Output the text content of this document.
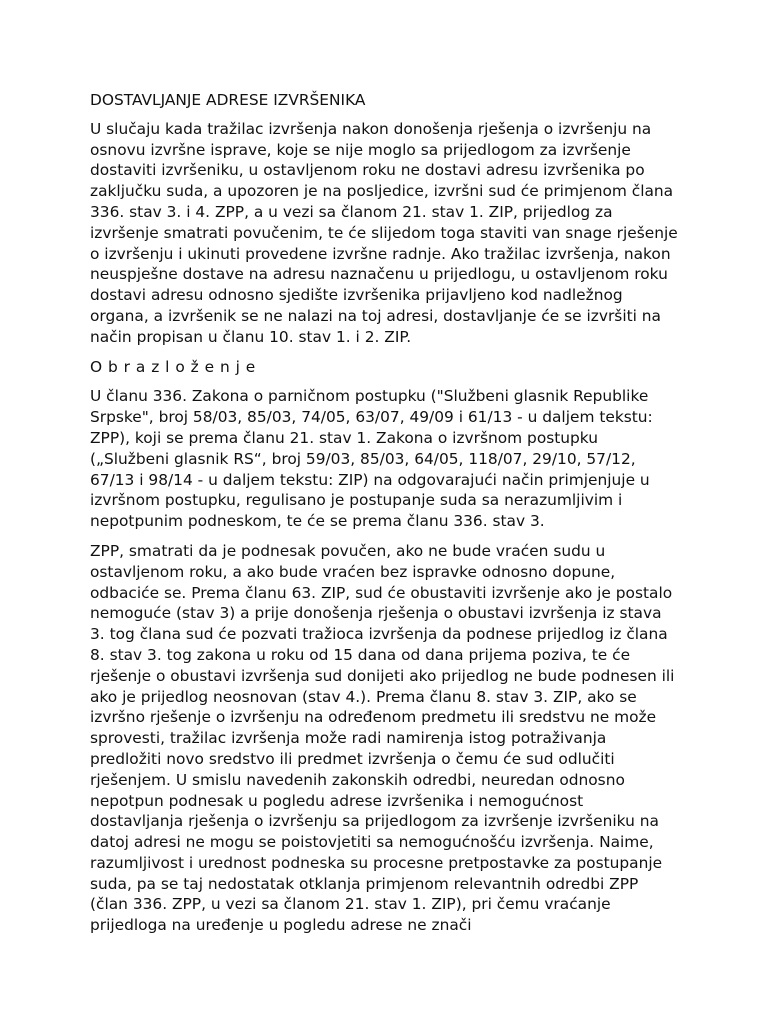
DOSTAVLJANJE ADRESE IZVRŠENIKA

U slučaju kada tražilac izvršenja nakon donošenja rješenja o izvršenju na osnovu izvršne isprave, koje se nije moglo sa prijedlogom za izvršenje dostaviti izvršeniku, u ostavljenom roku ne dostavi adresu izvršenika po zaključku suda, a upozoren je na posljedice, izvršni sud će primjenom člana 336. stav 3. i 4. ZPP, a u vezi sa članom 21. stav 1. ZIP, prijedlog za izvršenje smatrati povučenim, te će slijedom toga staviti van snage rješenje o izvršenju i ukinuti provedene izvršne radnje. Ako tražilac izvršenja, nakon neuspješne dostave na adresu naznačenu u prijedlogu, u ostavljenom roku dostavi adresu odnosno sjedište izvršenika prijavljeno kod nadležnog organa, a izvršenik se ne nalazi na toj adresi, dostavljanje će se izvršiti na način propisan u članu 10. stav 1. i 2. ZIP.

O b r a z l o ž e n j e

U članu 336. Zakona o parničnom postupku ("Službeni glasnik Republike Srpske", broj 58/03, 85/03, 74/05, 63/07, 49/09 i 61/13 - u daljem tekstu: ZPP), koji se prema članu 21. stav 1. Zakona o izvršnom postupku („Službeni glasnik RS“, broj 59/03, 85/03, 64/05, 118/07, 29/10, 57/12, 67/13 i 98/14 - u daljem tekstu: ZIP) na odgovarajući način primjenjuje u izvršnom postupku, regulisano je postupanje suda sa nerazumljivim i nepotpunim podneskom, te će se prema članu 336. stav 3.

ZPP, smatrati da je podnesak povučen, ako ne bude vraćen sudu u ostavljenom roku, a ako bude vraćen bez ispravke odnosno dopune, odbaciće se. Prema članu 63. ZIP, sud će obustaviti izvršenje ako je postalo nemoguće (stav 3) a prije donošenja rješenja o obustavi izvršenja iz stava 3. tog člana sud će pozvati tražioca izvršenja da podnese prijedlog iz člana 8. stav 3. tog zakona u roku od 15 dana od dana prijema poziva, te će rješenje o obustavi izvršenja sud donijeti ako prijedlog ne bude podnesen ili ako je prijedlog neosnovan (stav 4.). Prema članu 8. stav 3. ZIP, ako se izvršno rješenje o izvršenju na određenom predmetu ili sredstvu ne može sprovesti, tražilac izvršenja može radi namirenja istog potraživanja predložiti novo sredstvo ili predmet izvršenja o čemu će sud odlučiti rješenjem. U smislu navedenih zakonskih odredbi, neuredan odnosno nepotpun podnesak u pogledu adrese izvršenika i nemogućnost dostavljanja rješenja o izvršenju sa prijedlogom za izvršenje izvršeniku na datoj adresi ne mogu se poistovjetiti sa nemogućnošću izvršenja. Naime, razumljivost i urednost podneska su procesne pretpostavke za postupanje suda, pa se taj nedostatak otklanja primjenom relevantnih odredbi ZPP (član 336. ZPP, u vezi sa članom 21. stav 1. ZIP), pri čemu vraćanje prijedloga na uređenje u pogledu adrese ne znači
